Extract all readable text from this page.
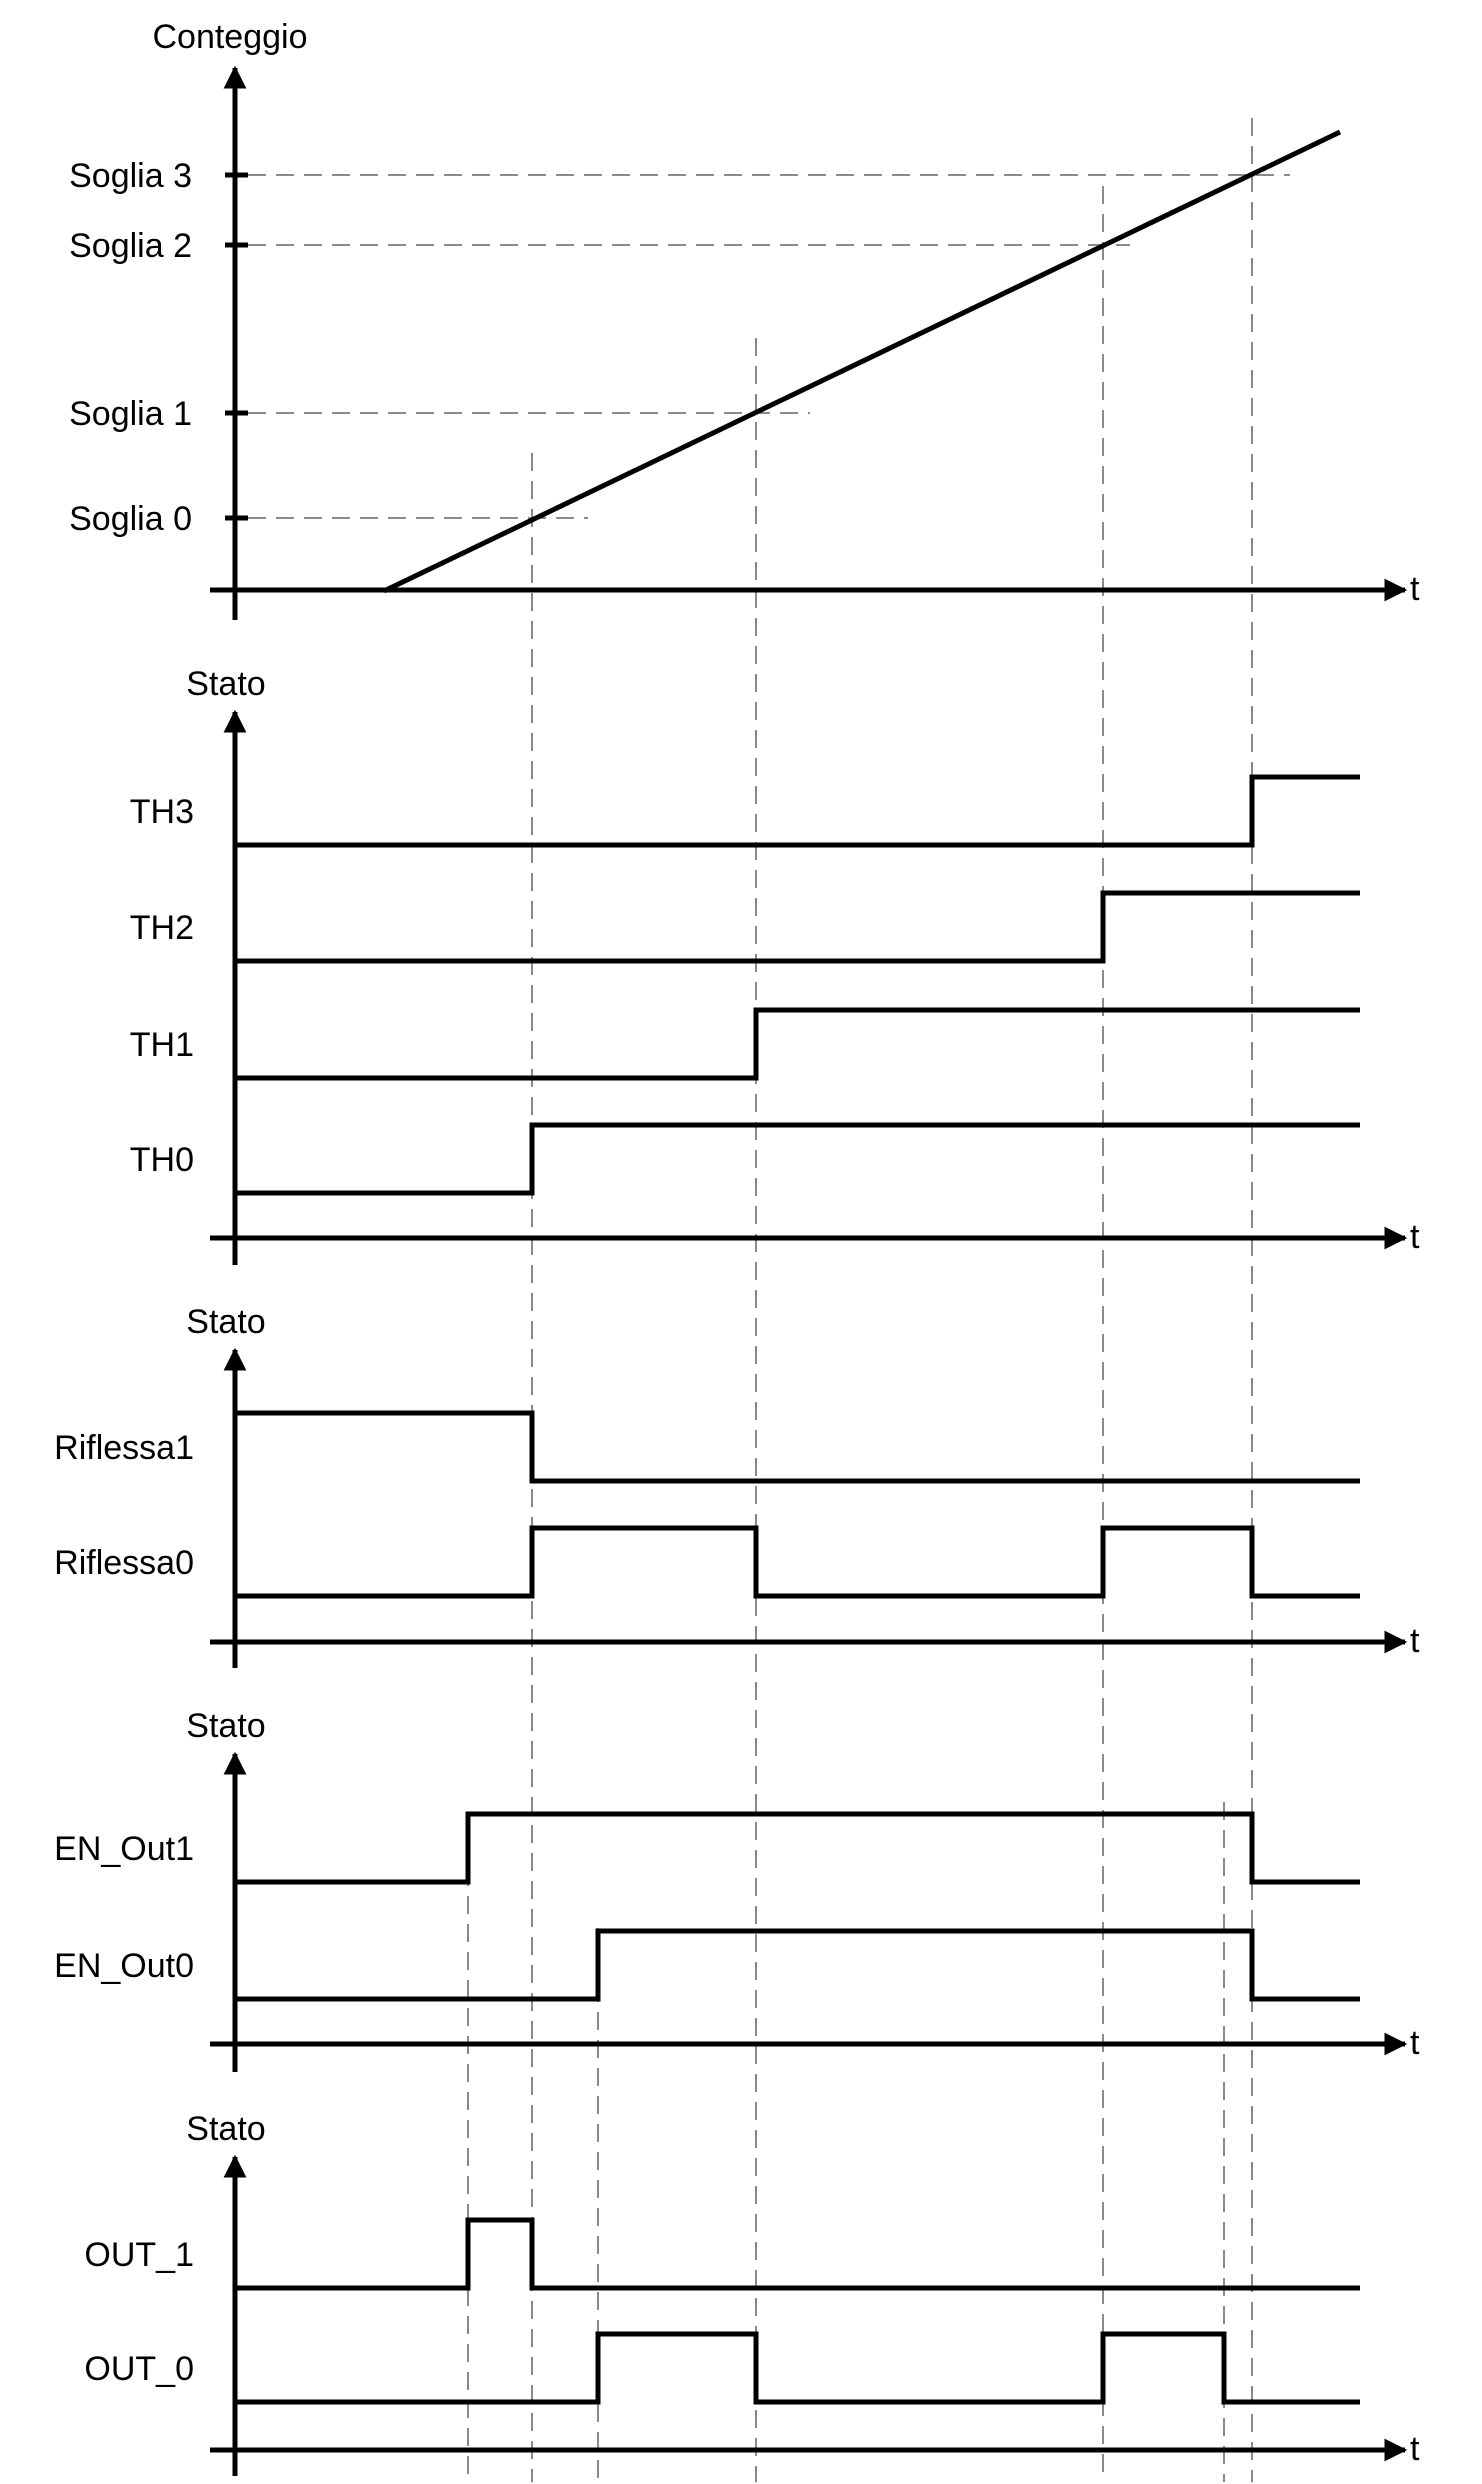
Conteggio
t
Soglia 0
Soglia 1
Soglia 2
Soglia 3
Stato
t
TH3
TH2
TH1
TH0
Stato
t
Riflessa1
Riflessa0
Stato
t
EN_Out1
EN_Out0
Stato
t
OUT_1
OUT_0
